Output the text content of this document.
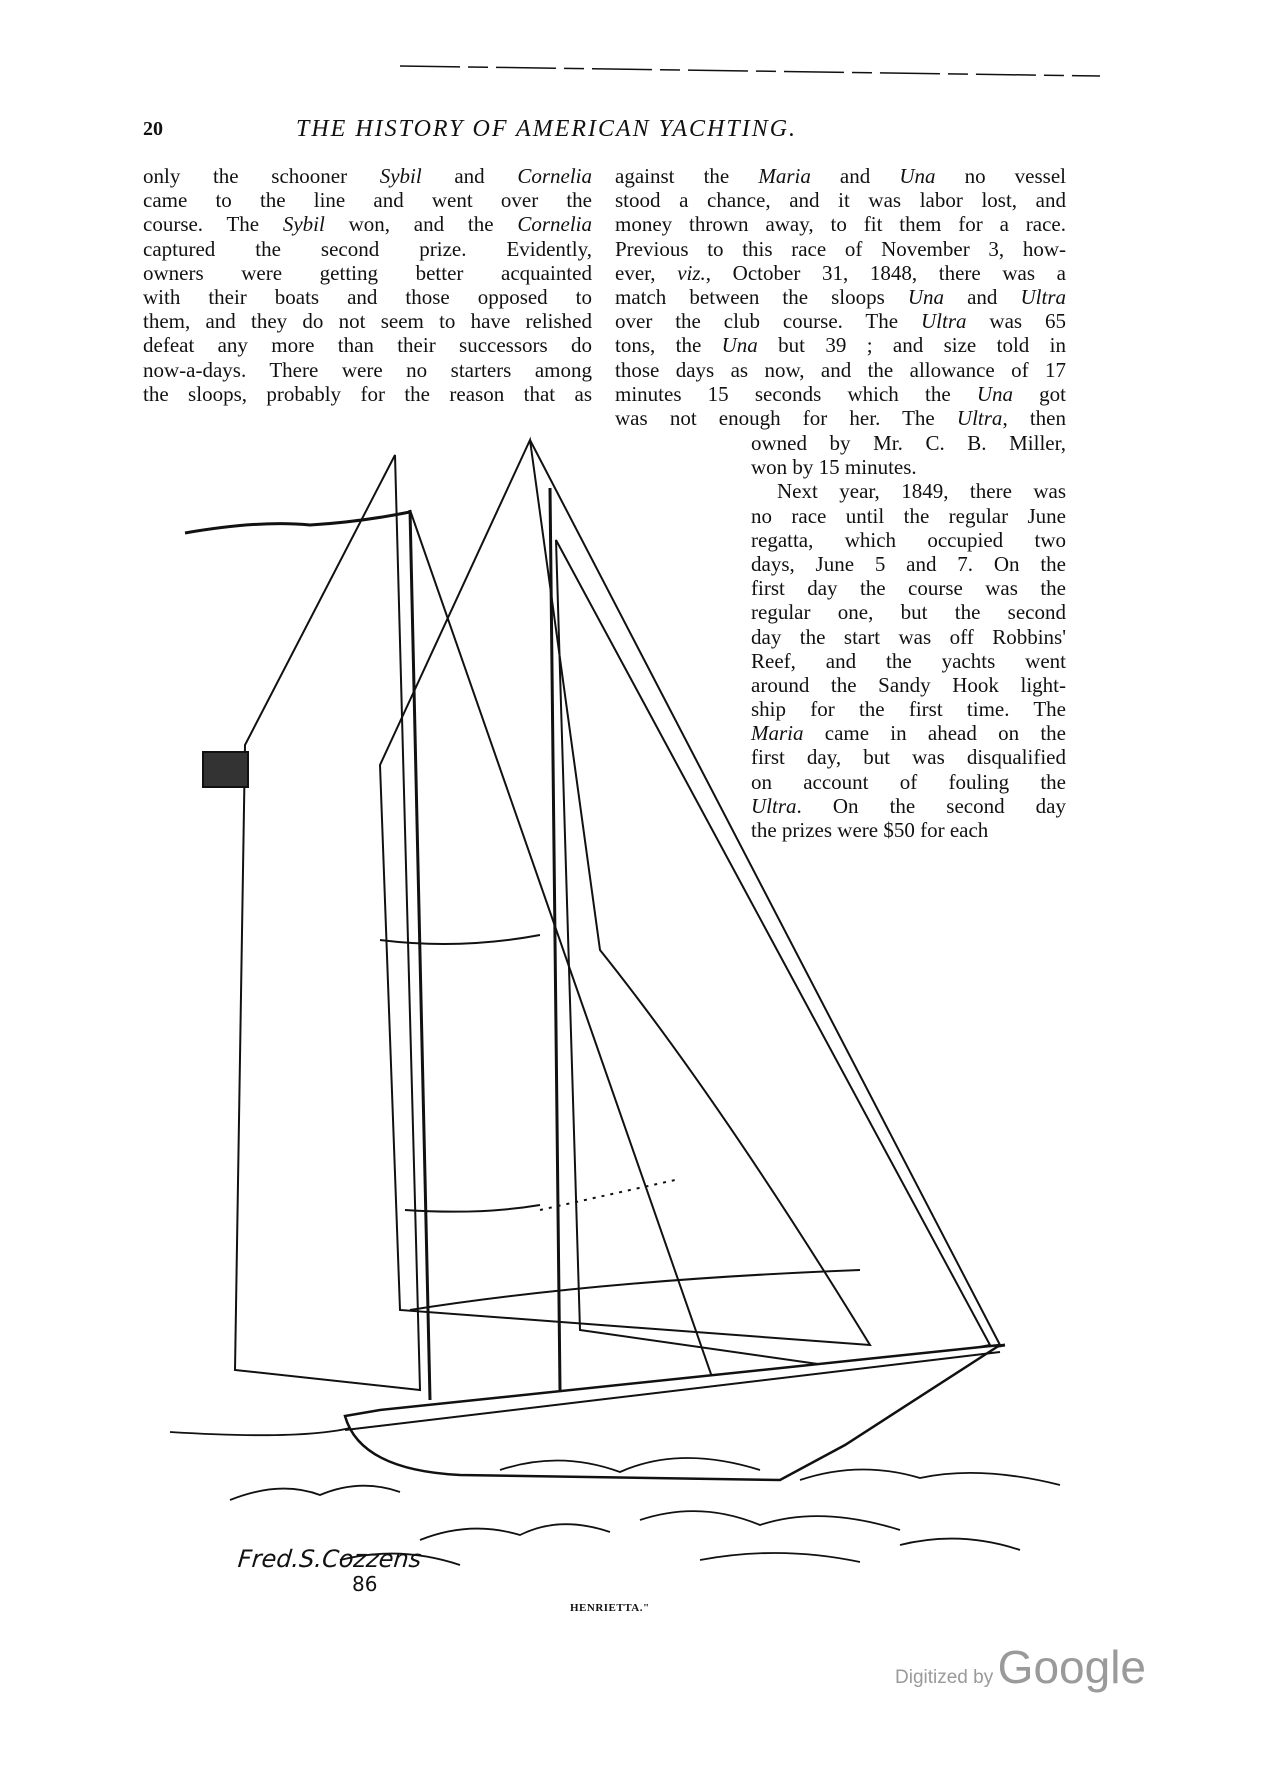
20	THE HISTORY OF AMERICAN YACHTING.
only the schooner Sybil and Cornelia
came to the line and went over the
course. The Sybil won, and the Cornelia
captured the second prize. Evidently,
owners were getting better acquainted
with their boats and those opposed to
them, and they do not seem to have relished
defeat any more than their successors do
now-a-days. There were no starters among
the sloops, probably for the reason that as
against the Maria and Una no vessel
stood a chance, and it was labor lost, and
money thrown away, to fit them for a race.
Previous to this race of November 3, how-
ever, viz., October 31, 1848, there was a
match between the sloops Una and Ultra
over the club course. The Ultra was 65
tons, the Una but 39 ; and size told in
those days as now, and the allowance of 17
minutes 15 seconds which the Una got
was not enough for her. The Ultra, then
owned by Mr. C. B. Miller,
won by 15 minutes.
Next year, 1849, there was
no race until the regular June
regatta, which occupied two
days, June 5 and 7. On the
first day the course was the
regular one, but the second
day the start was off Robbins'
Reef, and the yachts went
around the Sandy Hook light-
ship for the first time. The
Maria came in ahead on the
first day, but was disqualified
on account of fouling the
Ultra. On the second day
the prizes were $50 for each
Fred.S.Cozzens
86
HENRIETTA."
Digitized by Google
